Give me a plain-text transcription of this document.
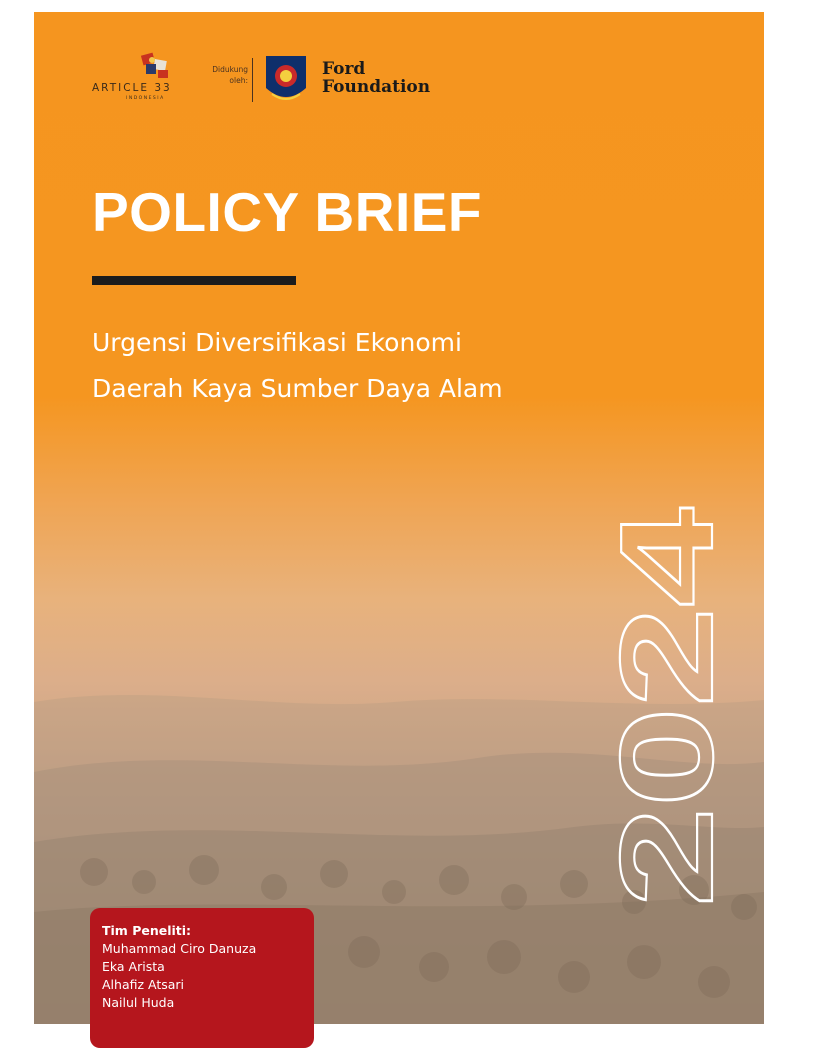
ARTICLE 33
INDONESIA
Didukung oleh:
Ford
Foundation
POLICY BRIEF
Urgensi Diversifikasi Ekonomi
Daerah Kaya Sumber Daya Alam
2024
Tim Peneliti:
Muhammad Ciro Danuza
Eka Arista
Alhafiz Atsari
Nailul Huda
